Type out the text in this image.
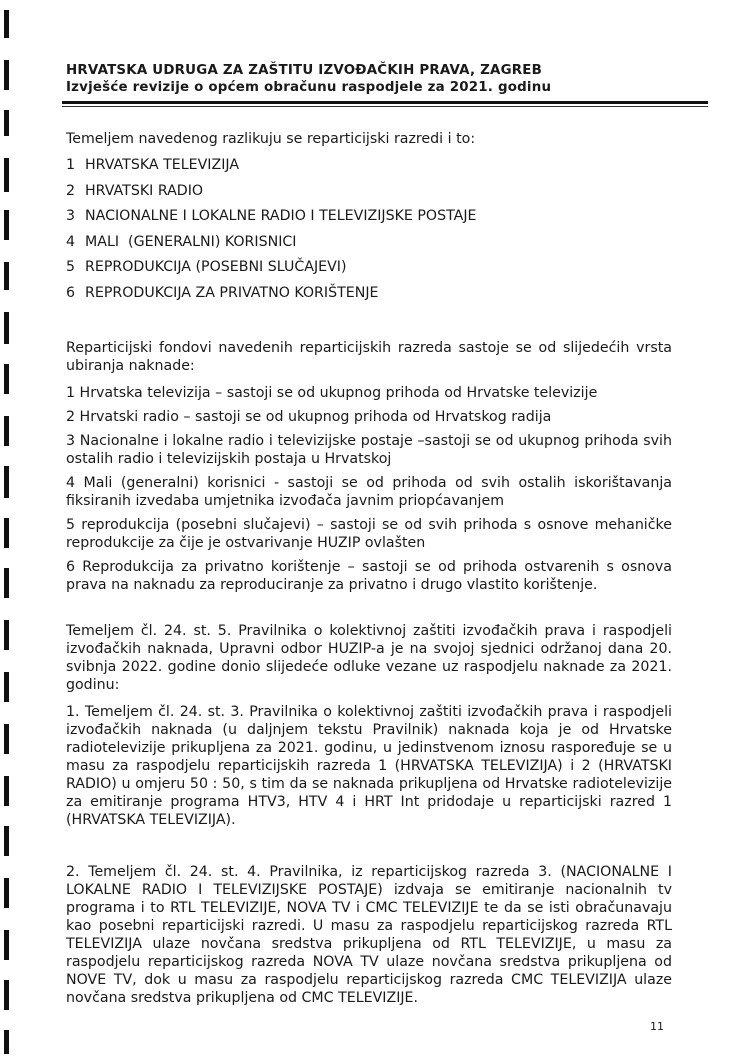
HRVATSKA UDRUGA ZA ZAŠTITU IZVOĐAČKIH PRAVA, ZAGREB
Izvješće revizije o općem obračunu raspodjele za 2021. godinu

Temeljem navedenog razlikuju se reparticijski razredi i to:

1 HRVATSKA TELEVIZIJA
2 HRVATSKI RADIO
3 NACIONALNE I LOKALNE RADIO I TELEVIZIJSKE POSTAJE
4 MALI  (GENERALNI) KORISNICI
5 REPRODUKCIJA (POSEBNI SLUČAJEVI)
6 REPRODUKCIJA ZA PRIVATNO KORIŠTENJE

Reparticijski fondovi navedenih reparticijskih razreda sastoje se od slijedećih vrsta ubiranja naknade:

1 Hrvatska televizija – sastoji se od ukupnog prihoda od Hrvatske televizije

2 Hrvatski radio – sastoji se od ukupnog prihoda od Hrvatskog radija

3 Nacionalne i lokalne radio i televizijske postaje –sastoji se od ukupnog prihoda svih ostalih radio i televizijskih postaja u Hrvatskoj

4 Mali (generalni) korisnici - sastoji se od prihoda od svih ostalih iskorištavanja fiksiranih izvedaba umjetnika izvođača javnim priopćavanjem

5 reprodukcija (posebni slučajevi) – sastoji se od svih prihoda s osnove mehaničke reprodukcije za čije je ostvarivanje HUZIP ovlašten

6 Reprodukcija za privatno korištenje – sastoji se od prihoda ostvarenih s osnova prava na naknadu za reproduciranje za privatno i drugo vlastito korištenje.

Temeljem čl. 24. st. 5. Pravilnika o kolektivnoj zaštiti izvođačkih prava i raspodjeli izvođačkih naknada, Upravni odbor HUZIP-a je na svojoj sjednici održanoj dana 20. svibnja 2022. godine donio slijedeće odluke vezane uz raspodjelu naknade za 2021. godinu:

1. Temeljem čl. 24. st. 3. Pravilnika o kolektivnoj zaštiti izvođačkih prava i raspodjeli izvođačkih naknada (u daljnjem tekstu Pravilnik) naknada koja je od Hrvatske radiotelevizije prikupljena za 2021. godinu, u jedinstvenom iznosu raspoređuje se u masu za raspodjelu reparticijskih razreda 1 (HRVATSKA TELEVIZIJA) i 2 (HRVATSKI RADIO) u omjeru 50 : 50, s tim da se naknada prikupljena od Hrvatske radiotelevizije za emitiranje programa HTV3, HTV 4 i HRT Int pridodaje u reparticijski razred 1 (HRVATSKA TELEVIZIJA).

2. Temeljem čl. 24. st. 4. Pravilnika, iz reparticijskog razreda 3. (NACIONALNE I LOKALNE RADIO I TELEVIZIJSKE POSTAJE) izdvaja se emitiranje nacionalnih tv programa i to RTL TELEVIZIJE, NOVA TV i CMC TELEVIZIJE te da se isti obračunavaju kao posebni reparticijski razredi. U masu za raspodjelu reparticijskog razreda RTL TELEVIZIJA ulaze novčana sredstva prikupljena od RTL TELEVIZIJE, u masu za raspodjelu reparticijskog razreda NOVA TV ulaze novčana sredstva prikupljena od NOVE TV, dok u masu za raspodjelu reparticijskog razreda CMC TELEVIZIJA ulaze novčana sredstva prikupljena od CMC TELEVIZIJE.

11
